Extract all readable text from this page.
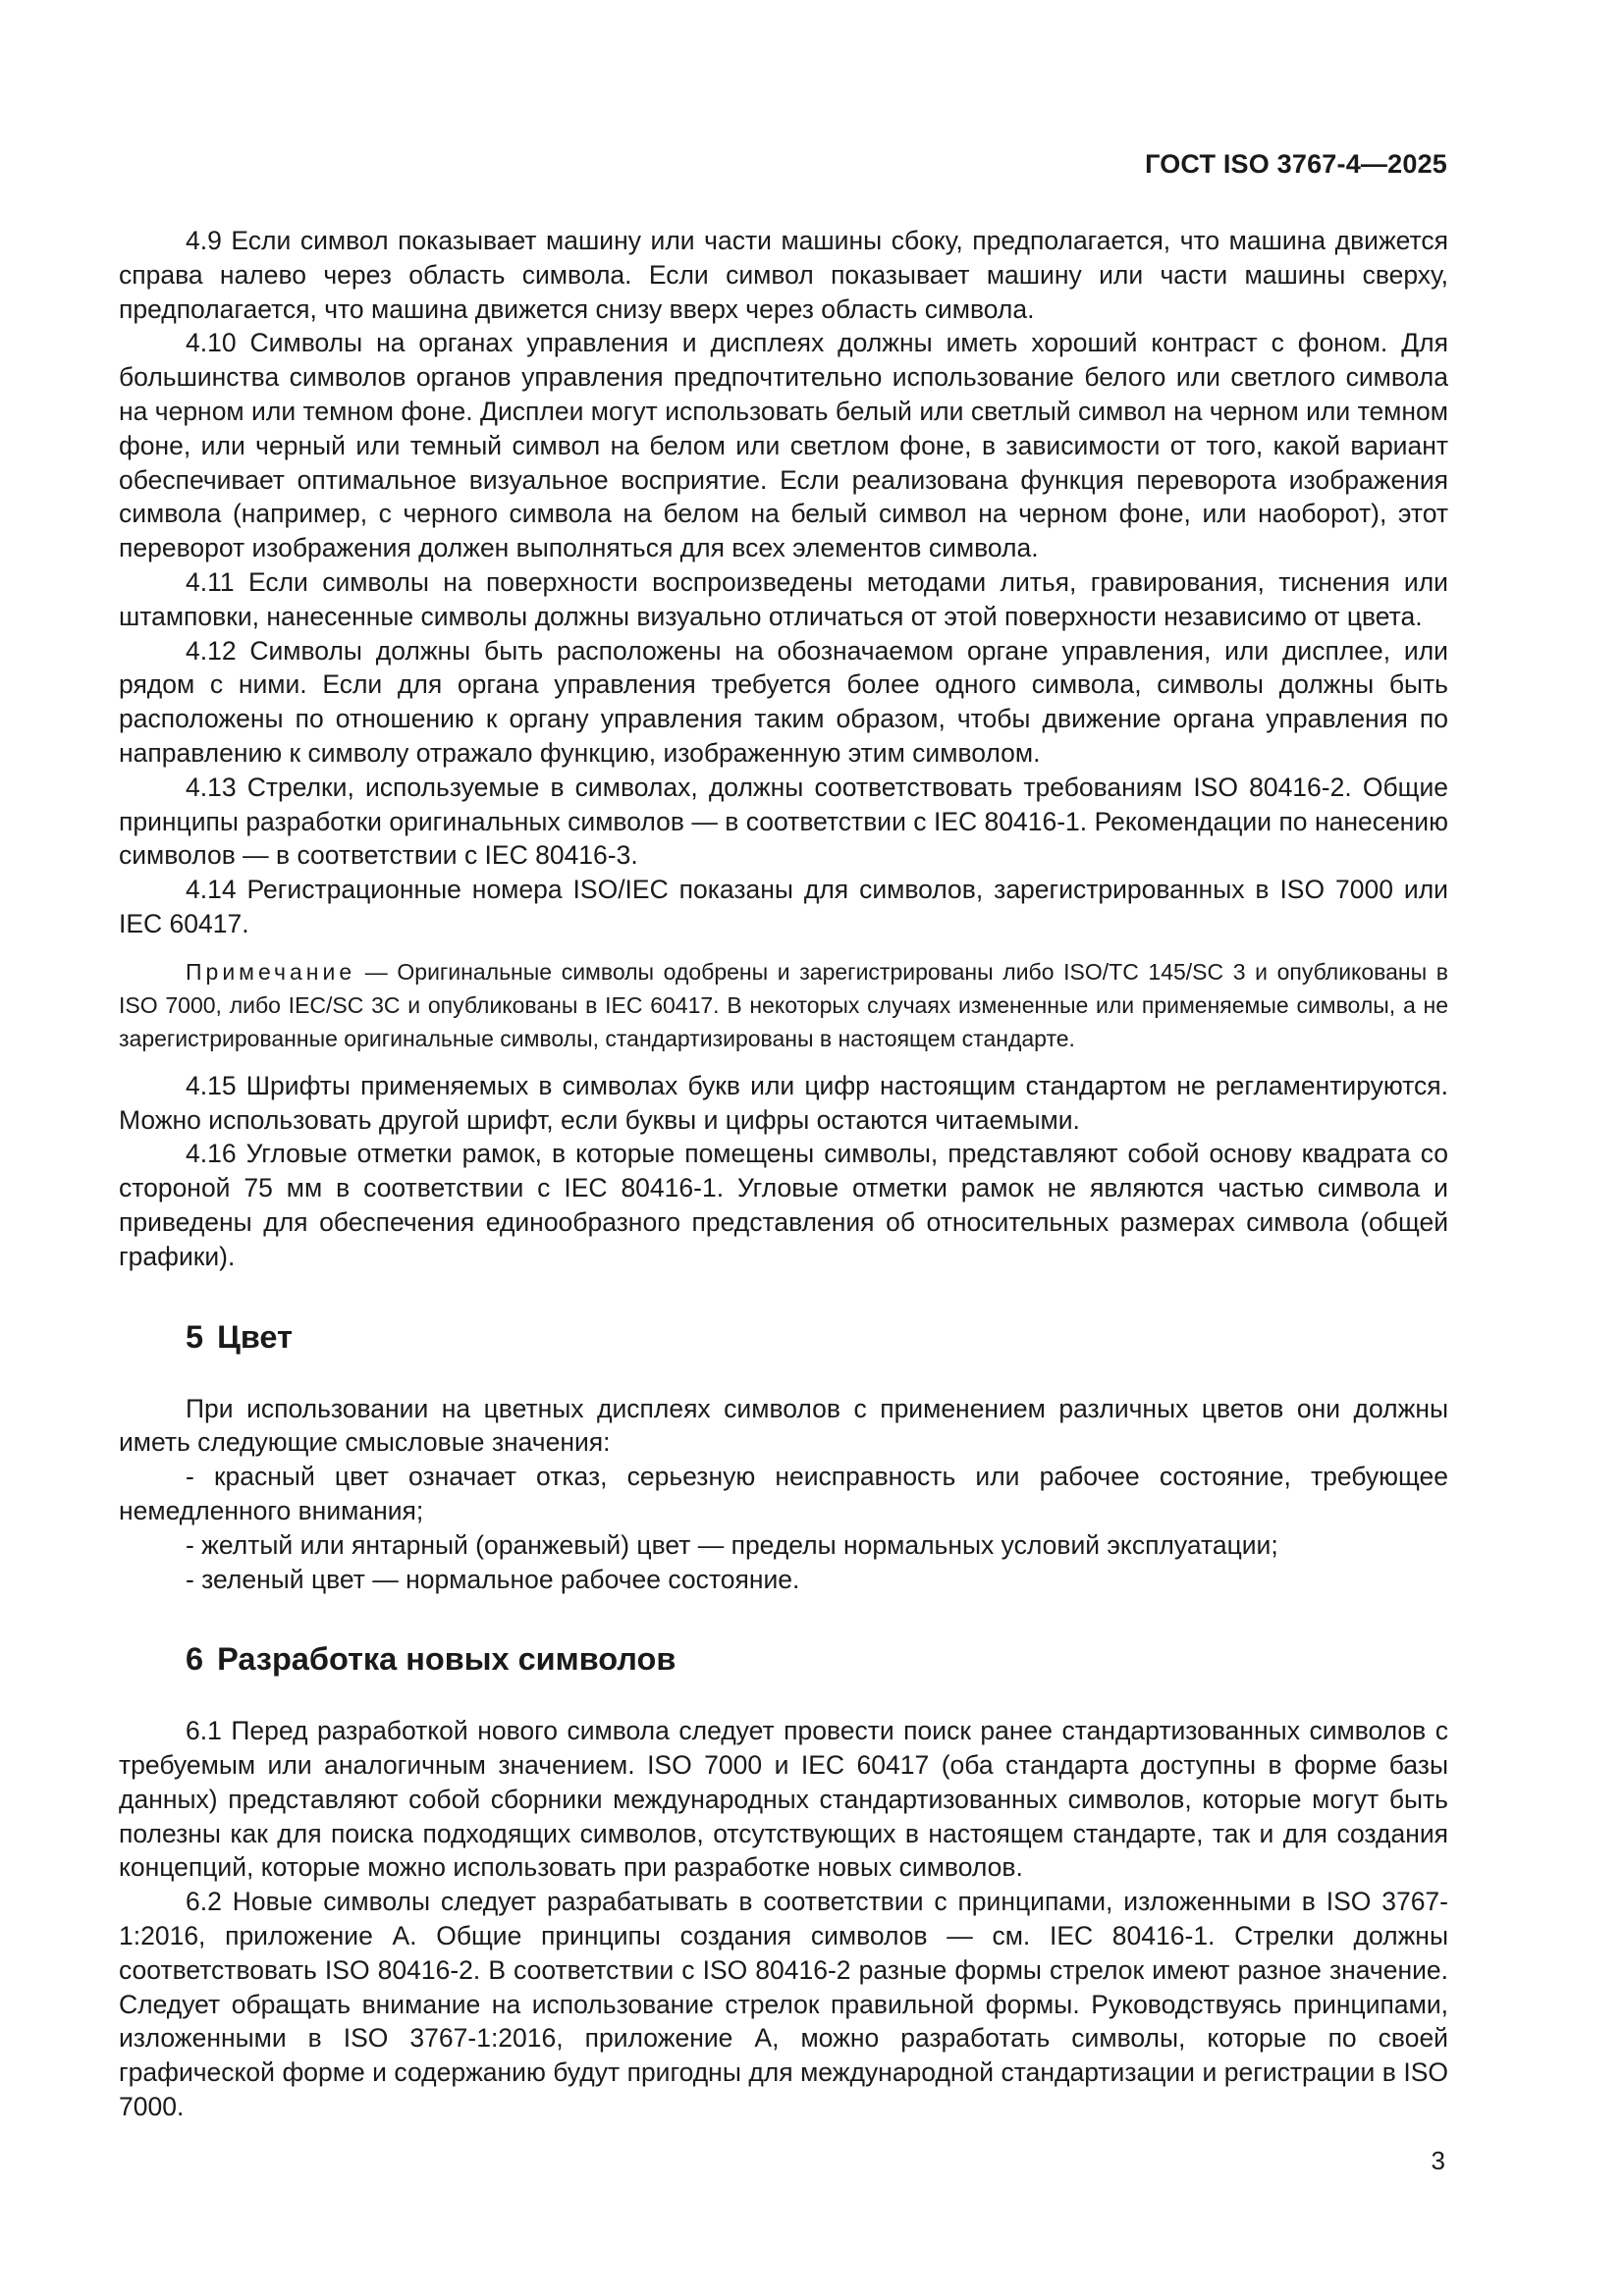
ГОСТ ISO 3767-4—2025

4.9 Если символ показывает машину или части машины сбоку, предполагается, что машина движется справа налево через область символа. Если символ показывает машину или части машины сверху, предполагается, что машина движется снизу вверх через область символа.

4.10 Символы на органах управления и дисплеях должны иметь хороший контраст с фоном. Для большинства символов органов управления предпочтительно использование белого или светлого символа на черном или темном фоне. Дисплеи могут использовать белый или светлый символ на черном или темном фоне, или черный или темный символ на белом или светлом фоне, в зависимости от того, какой вариант обеспечивает оптимальное визуальное восприятие. Если реализована функция переворота изображения символа (например, с черного символа на белом на белый символ на черном фоне, или наоборот), этот переворот изображения должен выполняться для всех элементов символа.

4.11 Если символы на поверхности воспроизведены методами литья, гравирования, тиснения или штамповки, нанесенные символы должны визуально отличаться от этой поверхности независимо от цвета.

4.12 Символы должны быть расположены на обозначаемом органе управления, или дисплее, или рядом с ними. Если для органа управления требуется более одного символа, символы должны быть расположены по отношению к органу управления таким образом, чтобы движение органа управления по направлению к символу отражало функцию, изображенную этим символом.

4.13 Стрелки, используемые в символах, должны соответствовать требованиям ISO 80416-2. Общие принципы разработки оригинальных символов — в соответствии с IEC 80416-1. Рекомендации по нанесению символов — в соответствии с IEC 80416-3.

4.14 Регистрационные номера ISO/IEC показаны для символов, зарегистрированных в ISO 7000 или IEC 60417.

Примечание — Оригинальные символы одобрены и зарегистрированы либо ISO/TC 145/SC 3 и опубликованы в ISO 7000, либо IEC/SC 3C и опубликованы в IEC 60417. В некоторых случаях измененные или применяемые символы, а не зарегистрированные оригинальные символы, стандартизированы в настоящем стандарте.

4.15 Шрифты применяемых в символах букв или цифр настоящим стандартом не регламентируются. Можно использовать другой шрифт, если буквы и цифры остаются читаемыми.

4.16 Угловые отметки рамок, в которые помещены символы, представляют собой основу квадрата со стороной 75 мм в соответствии с IEC 80416-1. Угловые отметки рамок не являются частью символа и приведены для обеспечения единообразного представления об относительных размерах символа (общей графики).

5 Цвет

При использовании на цветных дисплеях символов с применением различных цветов они должны иметь следующие смысловые значения:

- красный цвет означает отказ, серьезную неисправность или рабочее состояние, требующее немедленного внимания;

- желтый или янтарный (оранжевый) цвет — пределы нормальных условий эксплуатации;

- зеленый цвет — нормальное рабочее состояние.

6 Разработка новых символов

6.1 Перед разработкой нового символа следует провести поиск ранее стандартизованных символов с требуемым или аналогичным значением. ISO 7000 и IEC 60417 (оба стандарта доступны в форме базы данных) представляют собой сборники международных стандартизованных символов, которые могут быть полезны как для поиска подходящих символов, отсутствующих в настоящем стандарте, так и для создания концепций, которые можно использовать при разработке новых символов.

6.2 Новые символы следует разрабатывать в соответствии с принципами, изложенными в ISO 3767-1:2016, приложение А. Общие принципы создания символов — см. IEC 80416-1. Стрелки должны соответствовать ISO 80416-2. В соответствии с ISO 80416-2 разные формы стрелок имеют разное значение. Следует обращать внимание на использование стрелок правильной формы. Руководствуясь принципами, изложенными в ISO 3767-1:2016, приложение А, можно разработать символы, которые по своей графической форме и содержанию будут пригодны для международной стандартизации и регистрации в ISO 7000.

3
